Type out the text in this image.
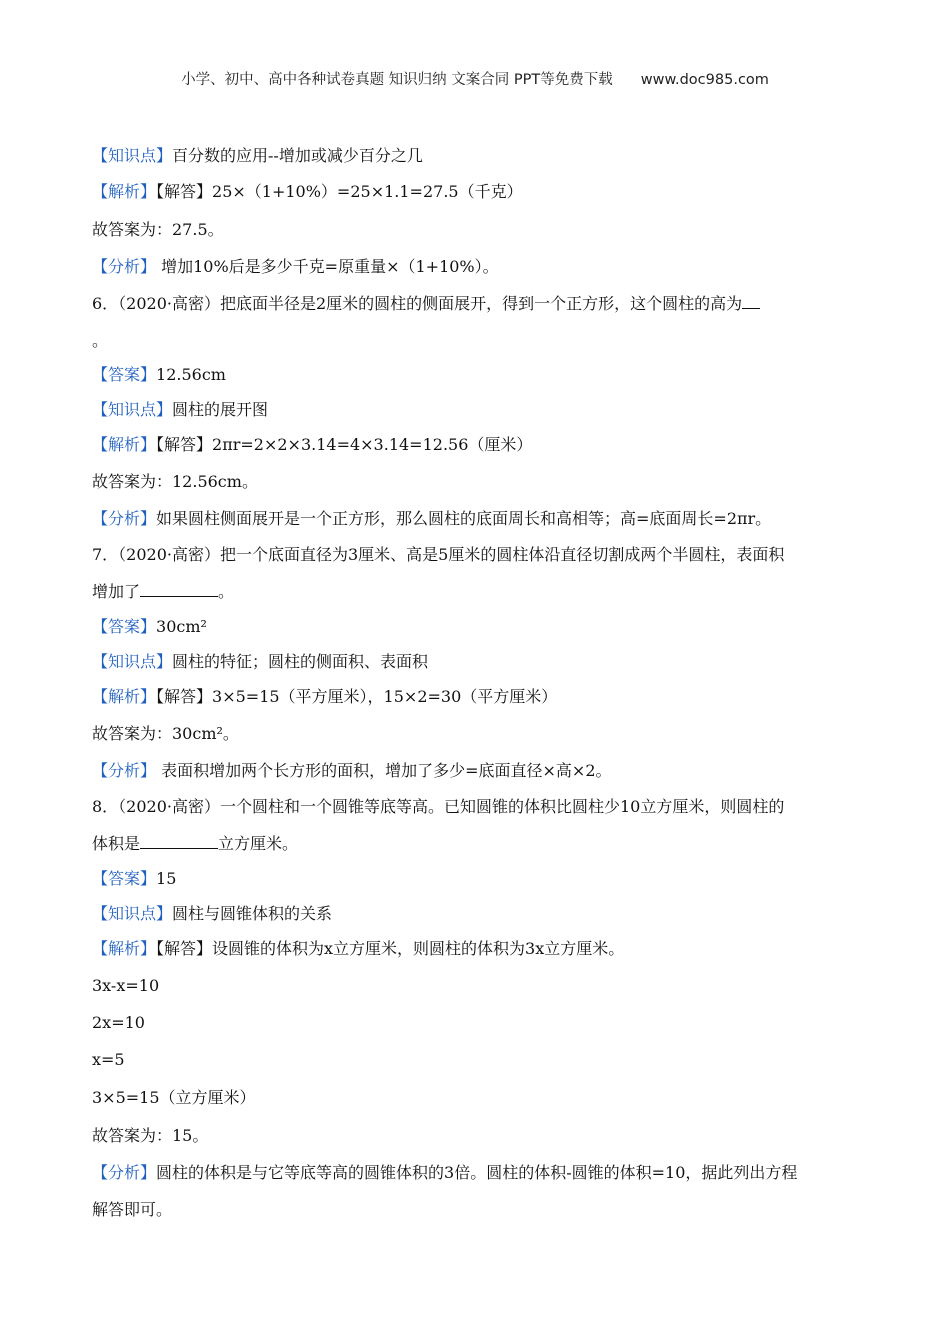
小学、初中、高中各种试卷真题 知识归纳 文案合同 PPT等免费下载 www.doc985.com
【知识点】百分数的应用--增加或减少百分之几
【解析】【解答】25×（1+10%）=25×1.1=27.5（千克）
故答案为：27.5。
【分析】 增加10%后是多少千克=原重量×（1+10%）。
6．（2020·高密）把底面半径是2厘米的圆柱的侧面展开，得到一个正方形，这个圆柱的高为
。
【答案】12.56cm
【知识点】圆柱的展开图
【解析】【解答】2πr=2×2×3.14=4×3.14=12.56（厘米）
故答案为：12.56cm。
【分析】如果圆柱侧面展开是一个正方形，那么圆柱的底面周长和高相等；高=底面周长=2πr。
7．（2020·高密）把一个底面直径为3厘米、高是5厘米的圆柱体沿直径切割成两个半圆柱，表面积
增加了	。
【答案】30cm²
【知识点】圆柱的特征；圆柱的侧面积、表面积
【解析】【解答】3×5=15（平方厘米），15×2=30（平方厘米）
故答案为：30cm²。
【分析】 表面积增加两个长方形的面积，增加了多少=底面直径×高×2。
8．（2020·高密）一个圆柱和一个圆锥等底等高。已知圆锥的体积比圆柱少10立方厘米，则圆柱的
体积是	立方厘米。
【答案】15
【知识点】圆柱与圆锥体积的关系
【解析】【解答】设圆锥的体积为x立方厘米，则圆柱的体积为3x立方厘米。
3x-x=10
2x=10
x=5
3×5=15（立方厘米）
故答案为：15。
【分析】圆柱的体积是与它等底等高的圆锥体积的3倍。圆柱的体积-圆锥的体积=10，据此列出方程
解答即可。
